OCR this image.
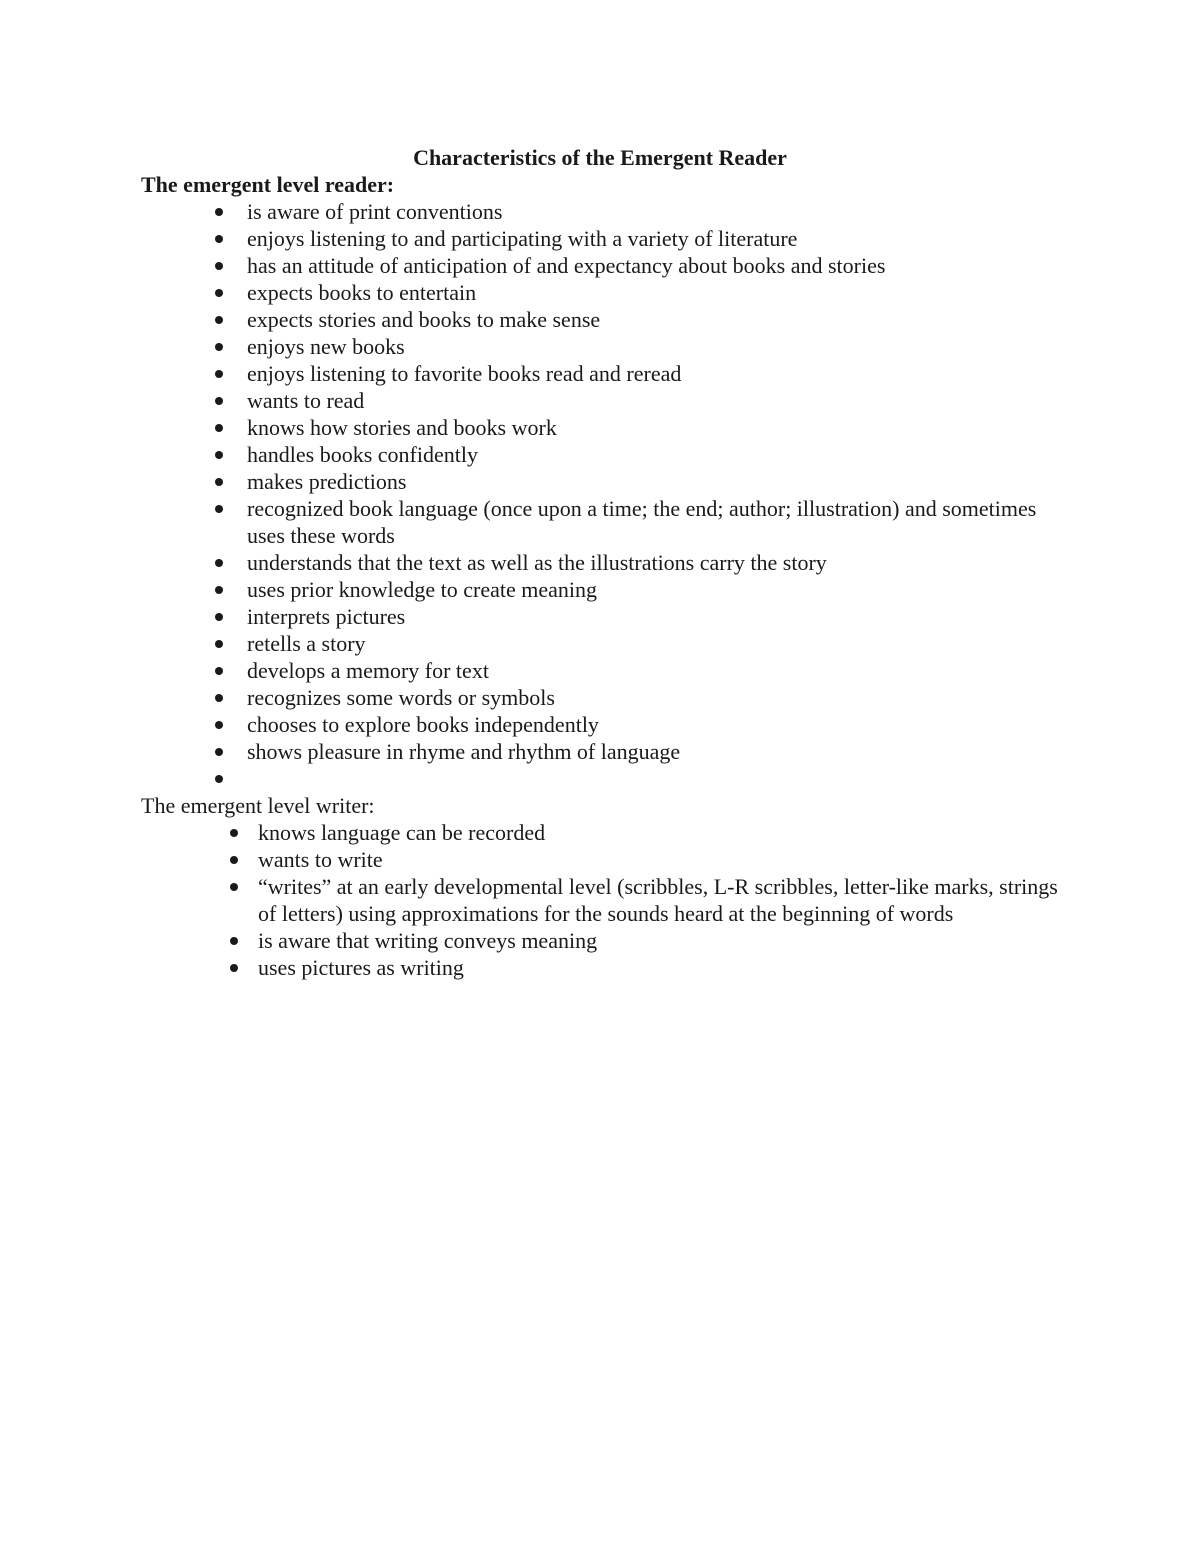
Characteristics of the Emergent Reader

The emergent level reader:

is aware of print conventions
enjoys listening to and participating with a variety of literature
has an attitude of anticipation of and expectancy about books and stories
expects books to entertain
expects stories and books to make sense
enjoys new books
enjoys listening to favorite books read and reread
wants to read
knows how stories and books work
handles books confidently
makes predictions
recognized book language (once upon a time; the end; author; illustration) and sometimes uses these words
understands that the text as well as the illustrations carry the story
uses prior knowledge to create meaning
interprets pictures
retells a story
develops a memory for text
recognizes some words or symbols
chooses to explore books independently
shows pleasure in rhyme and rhythm of language

The emergent level writer:

knows language can be recorded
wants to write
“writes” at an early developmental level (scribbles, L-R scribbles, letter-like marks, strings of letters) using approximations for the sounds heard at the beginning of words
is aware that writing conveys meaning
uses pictures as writing
